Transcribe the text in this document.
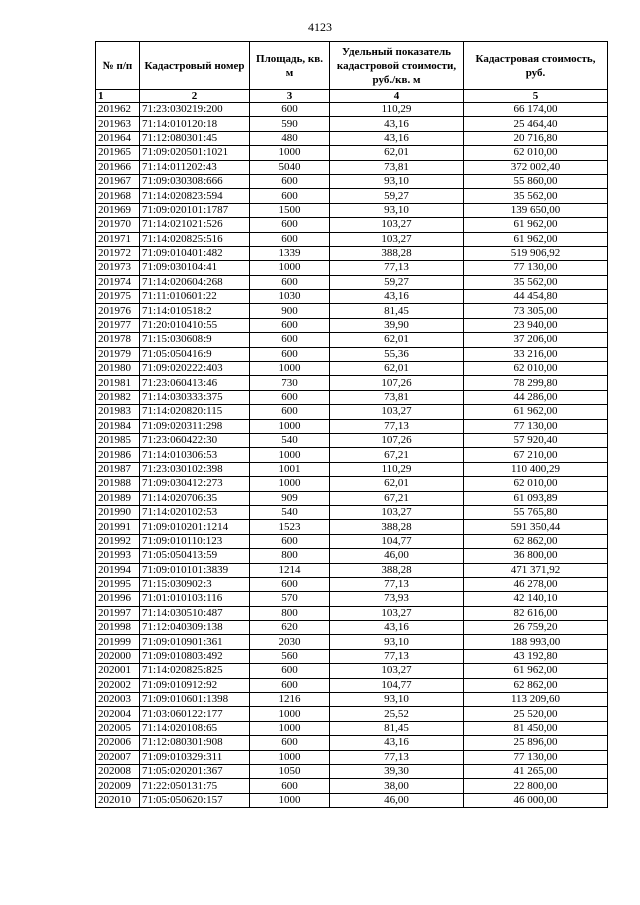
4123
№ п/п	Кадастровый номер	Площадь, кв. м	Удельный показатель кадастровой стоимости, руб./кв. м	Кадастровая стоимость, руб.
1	2	3	4	5
201962	71:23:030219:200	600	110,29	66 174,00
201963	71:14:010120:18	590	43,16	25 464,40
201964	71:12:080301:45	480	43,16	20 716,80
201965	71:09:020501:1021	1000	62,01	62 010,00
201966	71:14:011202:43	5040	73,81	372 002,40
201967	71:09:030308:666	600	93,10	55 860,00
201968	71:14:020823:594	600	59,27	35 562,00
201969	71:09:020101:1787	1500	93,10	139 650,00
201970	71:14:021021:526	600	103,27	61 962,00
201971	71:14:020825:516	600	103,27	61 962,00
201972	71:09:010401:482	1339	388,28	519 906,92
201973	71:09:030104:41	1000	77,13	77 130,00
201974	71:14:020604:268	600	59,27	35 562,00
201975	71:11:010601:22	1030	43,16	44 454,80
201976	71:14:010518:2	900	81,45	73 305,00
201977	71:20:010410:55	600	39,90	23 940,00
201978	71:15:030608:9	600	62,01	37 206,00
201979	71:05:050416:9	600	55,36	33 216,00
201980	71:09:020222:403	1000	62,01	62 010,00
201981	71:23:060413:46	730	107,26	78 299,80
201982	71:14:030333:375	600	73,81	44 286,00
201983	71:14:020820:115	600	103,27	61 962,00
201984	71:09:020311:298	1000	77,13	77 130,00
201985	71:23:060422:30	540	107,26	57 920,40
201986	71:14:010306:53	1000	67,21	67 210,00
201987	71:23:030102:398	1001	110,29	110 400,29
201988	71:09:030412:273	1000	62,01	62 010,00
201989	71:14:020706:35	909	67,21	61 093,89
201990	71:14:020102:53	540	103,27	55 765,80
201991	71:09:010201:1214	1523	388,28	591 350,44
201992	71:09:010110:123	600	104,77	62 862,00
201993	71:05:050413:59	800	46,00	36 800,00
201994	71:09:010101:3839	1214	388,28	471 371,92
201995	71:15:030902:3	600	77,13	46 278,00
201996	71:01:010103:116	570	73,93	42 140,10
201997	71:14:030510:487	800	103,27	82 616,00
201998	71:12:040309:138	620	43,16	26 759,20
201999	71:09:010901:361	2030	93,10	188 993,00
202000	71:09:010803:492	560	77,13	43 192,80
202001	71:14:020825:825	600	103,27	61 962,00
202002	71:09:010912:92	600	104,77	62 862,00
202003	71:09:010601:1398	1216	93,10	113 209,60
202004	71:03:060122:177	1000	25,52	25 520,00
202005	71:14:020108:65	1000	81,45	81 450,00
202006	71:12:080301:908	600	43,16	25 896,00
202007	71:09:010329:311	1000	77,13	77 130,00
202008	71:05:020201:367	1050	39,30	41 265,00
202009	71:22:050131:75	600	38,00	22 800,00
202010	71:05:050620:157	1000	46,00	46 000,00
